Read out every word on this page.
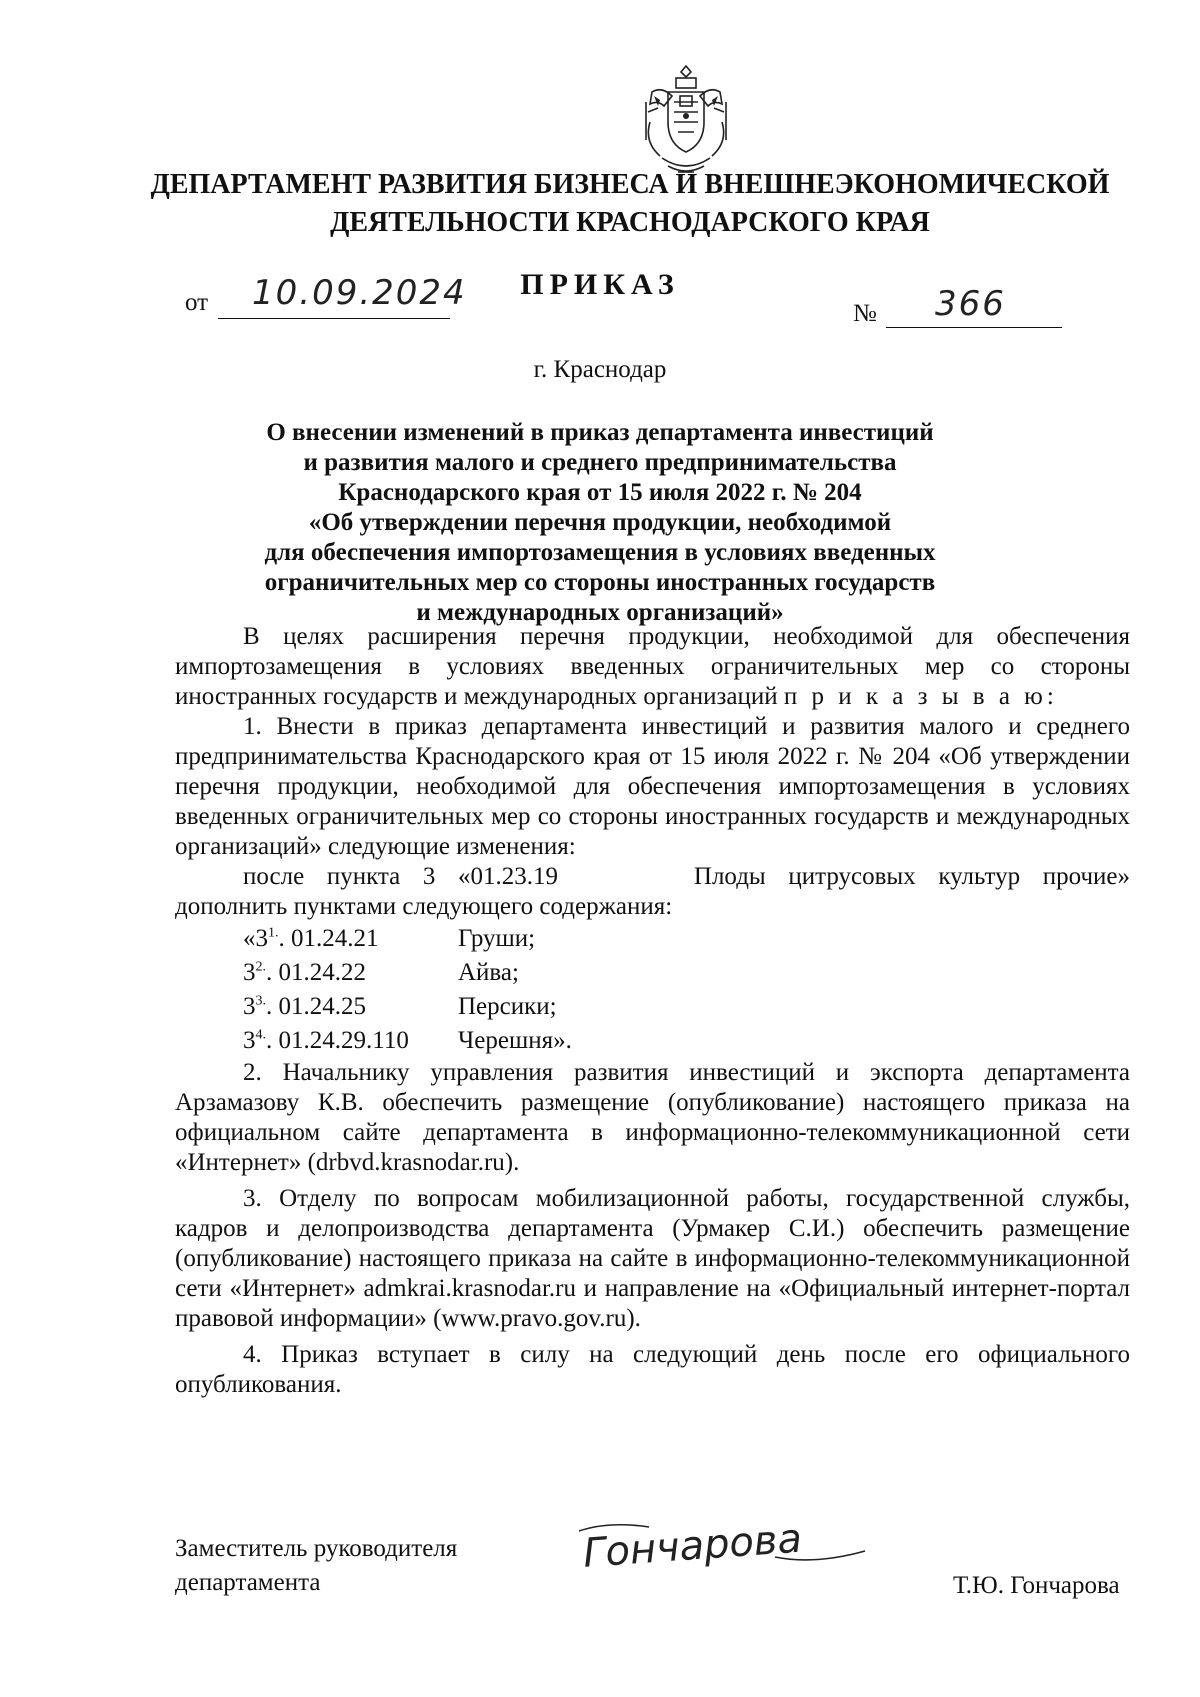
ДЕПАРТАМЕНТ РАЗВИТИЯ БИЗНЕСА И ВНЕШНЕЭКОНОМИЧЕСКОЙ
ДЕЯТЕЛЬНОСТИ КРАСНОДАРСКОГО КРАЯ
ПРИКАЗ
от 10.09.2024
№ 366
г. Краснодар
О внесении изменений в приказ департамента инвестиций
и развития малого и среднего предпринимательства
Краснодарского края от 15 июля 2022 г. № 204
«Об утверждении перечня продукции, необходимой
для обеспечения импортозамещения в условиях введенных
ограничительных мер со стороны иностранных государств
и международных организаций»

В целях расширения перечня продукции, необходимой для обеспечения импортозамещения в условиях введенных ограничительных мер со стороны иностранных государств и международных организаций п р и к а з ы в а ю:

1. Внести в приказ департамента инвестиций и развития малого и среднего предпринимательства Краснодарского края от 15 июля 2022 г. № 204 «Об утверждении перечня продукции, необходимой для обеспечения импортозамещения в условиях введенных ограничительных мер со стороны иностранных государств и международных организаций» следующие изменения:

после пункта 3 «01.23.19	Плоды цитрусовых культур прочие»

дополнить пунктами следующего содержания:

«$3^{1.}$. 01.24.21	Груши;
$3^{2.}$. 01.24.22	Айва;
$3^{3.}$. 01.24.25	Персики;
$3^{4.}$. 01.24.29.110	Черешня».

2. Начальнику управления развития инвестиций и экспорта департамента Арзамазову К.В. обеспечить размещение (опубликование) настоящего приказа на официальном сайте департамента в информационно-телекоммуникационной сети «Интернет» (drbvd.krasnodar.ru).

3. Отделу по вопросам мобилизационной работы, государственной службы, кадров и делопроизводства департамента (Урмакер С.И.) обеспечить размещение (опубликование) настоящего приказа на сайте в информационно-телекоммуникационной сети «Интернет» admkrai.krasnodar.ru и направление на «Официальный интернет-портал правовой информации» (www.pravo.gov.ru).

4. Приказ вступает в силу на следующий день после его официального опубликования.

Заместитель руководителя
департамента
Гончарова
Т.Ю. Гончарова
